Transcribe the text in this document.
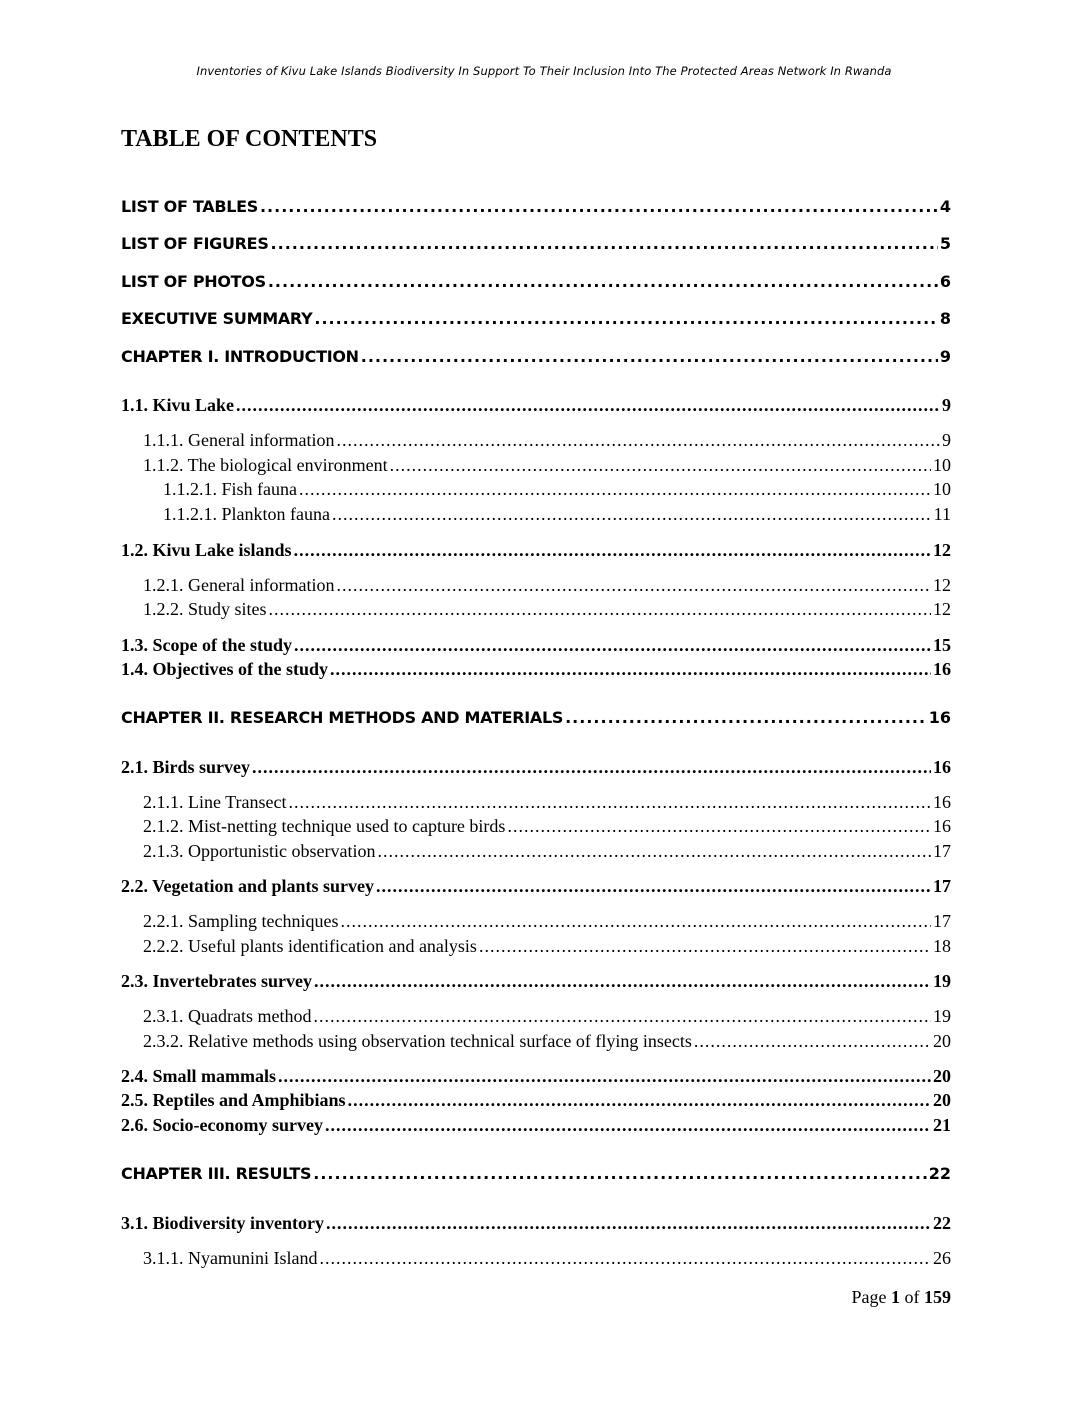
Inventories of Kivu Lake Islands Biodiversity In Support To Their Inclusion Into The Protected Areas Network In Rwanda
TABLE OF CONTENTS
LIST OF TABLES .....	4
LIST OF FIGURES .....	5
LIST OF PHOTOS .....	6
EXECUTIVE SUMMARY .....	8
CHAPTER I. INTRODUCTION .....	9
1.1. Kivu Lake .....	9
1.1.1. General information .....	9
1.1.2. The biological environment .....	10
1.1.2.1. Fish fauna .....	10
1.1.2.1. Plankton fauna .....	11
1.2. Kivu Lake islands .....	12
1.2.1. General information .....	12
1.2.2. Study sites .....	12
1.3. Scope of the study .....	15
1.4. Objectives of the study .....	16
CHAPTER II. RESEARCH METHODS AND MATERIALS .....	16
2.1. Birds survey .....	16
2.1.1. Line Transect .....	16
2.1.2. Mist-netting technique used to capture birds .....	16
2.1.3. Opportunistic observation .....	17
2.2. Vegetation and plants survey .....	17
2.2.1. Sampling techniques .....	17
2.2.2. Useful plants identification and analysis .....	18
2.3. Invertebrates survey .....	19
2.3.1. Quadrats method .....	19
2.3.2. Relative methods using observation technical surface of flying insects .....	20
2.4. Small mammals .....	20
2.5. Reptiles and Amphibians .....	20
2.6. Socio-economy survey .....	21
CHAPTER III. RESULTS .....	22
3.1. Biodiversity inventory .....	22
3.1.1. Nyamunini Island .....	26
Page 1 of 159
